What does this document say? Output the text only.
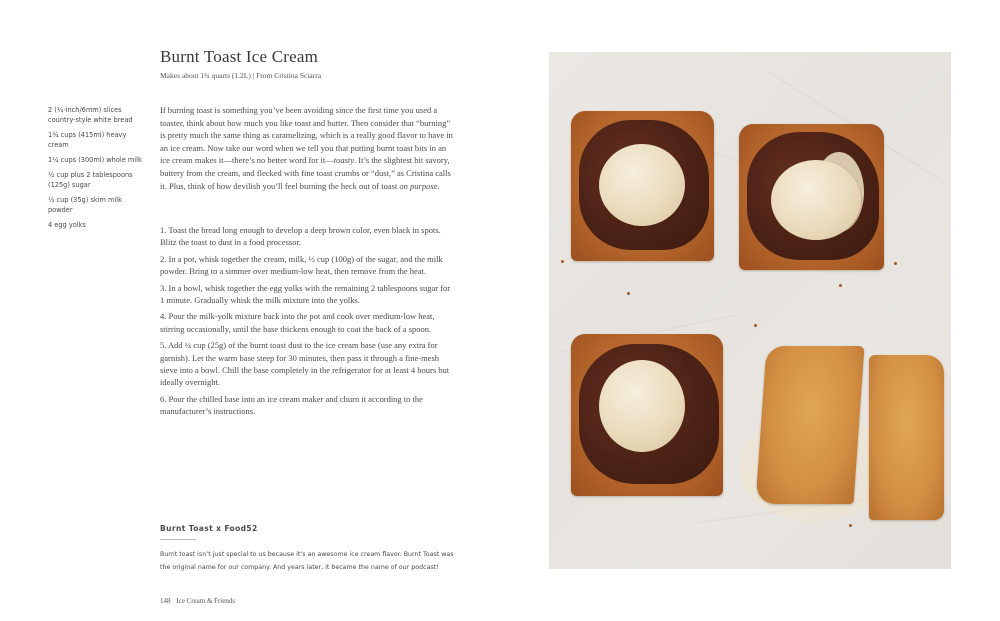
Burnt Toast Ice Cream
Makes about 1¾ quarts (1.2L) | From Cristina Sciarra
2 (¼-inch/6mm) slices country-style white bread
1¾ cups (415ml) heavy cream
1¼ cups (300ml) whole milk
½ cup plus 2 tablespoons (125g) sugar
½ cup (35g) skim milk powder
4 egg yolks

If burning toast is something you’ve been avoiding since the first time you used a toaster, think about how much you like toast and butter. Then consider that “burning” is pretty much the same thing as caramelizing, which is a really good flavor to have in an ice cream. Now take our word when we tell you that putting burnt toast bits in an ice cream makes it—there’s no better word for it—toasty. It’s the slightest bit savory, buttery from the cream, and flecked with fine toast crumbs or “dust,” as Cristina calls it. Plus, think of how devilish you’ll feel burning the heck out of toast on purpose.

1. Toast the bread long enough to develop a deep brown color, even black in spots. Blitz the toast to dust in a food processor.

2. In a pot, whisk together the cream, milk, ½ cup (100g) of the sugar, and the milk powder. Bring to a simmer over medium-low heat, then remove from the heat.

3. In a bowl, whisk together the egg yolks with the remaining 2 tablespoons sugar for 1 minute. Gradually whisk the milk mixture into the yolks.

4. Pour the milk-yolk mixture back into the pot and cook over medium-low heat, stirring occasionally, until the base thickens enough to coat the back of a spoon.

5. Add ¼ cup (25g) of the burnt toast dust to the ice cream base (use any extra for garnish). Let the warm base steep for 30 minutes, then pass it through a fine-mesh sieve into a bowl. Chill the base completely in the refrigerator for at least 4 hours but ideally overnight.

6. Pour the chilled base into an ice cream maker and churn it according to the manufacturer’s instructions.

Burnt Toast x Food52

Burnt toast isn’t just special to us because it’s an awesome ice cream flavor. Burnt Toast was the original name for our company. And years later, it became the name of our podcast!

148 Ice Cream & Friends
